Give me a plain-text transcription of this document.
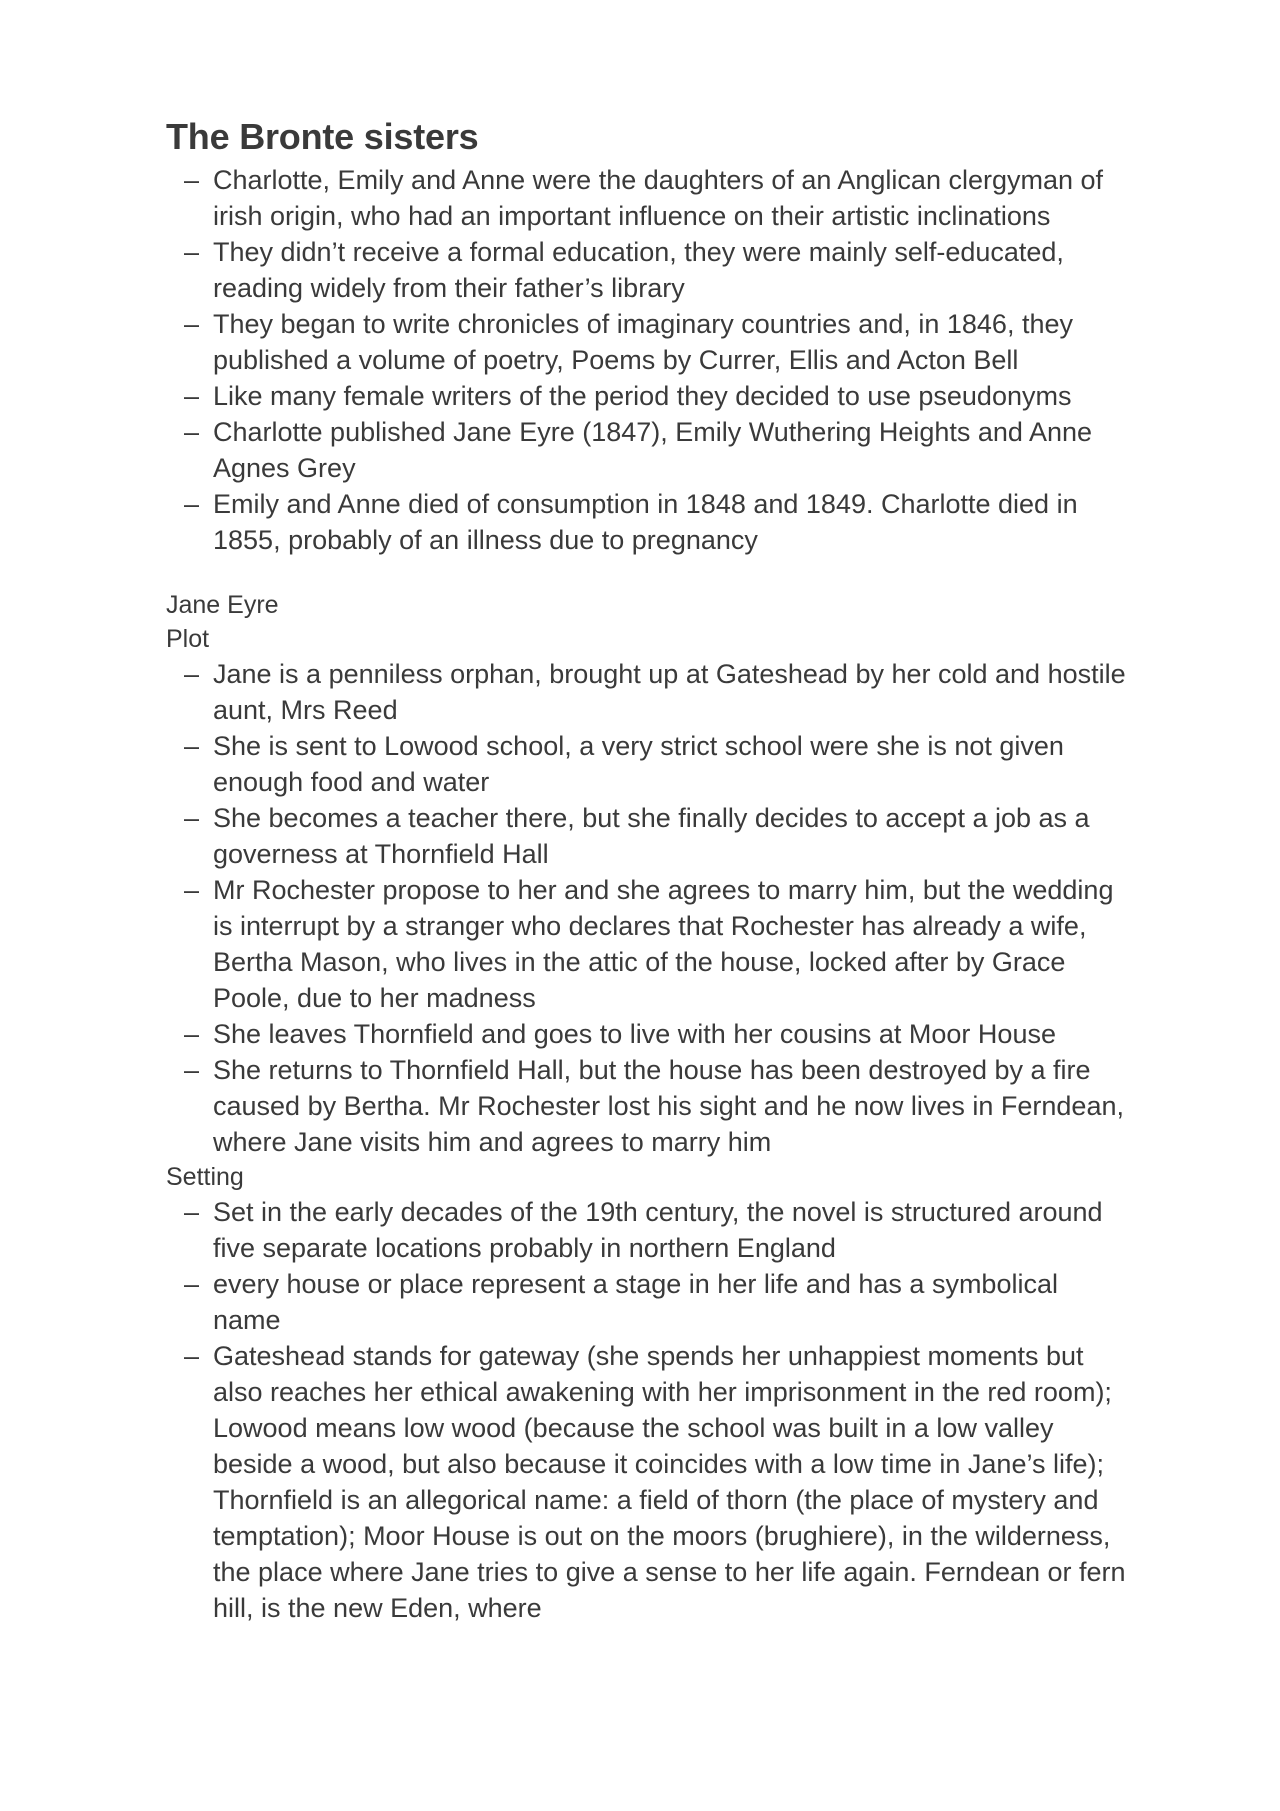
The Bronte sisters
– Charlotte, Emily and Anne were the daughters of an Anglican clergyman of irish origin, who had an important influence on their artistic inclinations
– They didn’t receive a formal education, they were mainly self-educated, reading widely from their father’s library
– They began to write chronicles of imaginary countries and, in 1846, they published a volume of poetry, Poems by Currer, Ellis and Acton Bell
– Like many female writers of the period they decided to use pseudonyms
– Charlotte published Jane Eyre (1847), Emily Wuthering Heights and Anne Agnes Grey
– Emily and Anne died of consumption in 1848 and 1849. Charlotte died in 1855, probably of an illness due to pregnancy
Jane Eyre
Plot
– Jane is a penniless orphan, brought up at Gateshead by her cold and hostile aunt, Mrs Reed
– She is sent to Lowood school, a very strict school were she is not given enough food and water
– She becomes a teacher there, but she finally decides to accept a job as a governess at Thornfield Hall
– Mr Rochester propose to her and she agrees to marry him, but the wedding is interrupt by a stranger who declares that Rochester has already a wife, Bertha Mason, who lives in the attic of the house, locked after by Grace Poole, due to her madness
– She leaves Thornfield and goes to live with her cousins at Moor House
– She returns to Thornfield Hall, but the house has been destroyed by a fire caused by Bertha. Mr Rochester lost his sight and he now lives in Ferndean, where Jane visits him and agrees to marry him
Setting
– Set in the early decades of the 19th century, the novel is structured around five separate locations probably in northern England
– every house or place represent a stage in her life and has a symbolical name
– Gateshead stands for gateway (she spends her unhappiest moments but also reaches her ethical awakening with her imprisonment in the red room); Lowood means low wood (because the school was built in a low valley beside a wood, but also because it coincides with a low time in Jane’s life); Thornfield is an allegorical name: a field of thorn (the place of mystery and temptation); Moor House is out on the moors (brughiere), in the wilderness, the place where Jane tries to give a sense to her life again. Ferndean or fern hill, is the new Eden, where
